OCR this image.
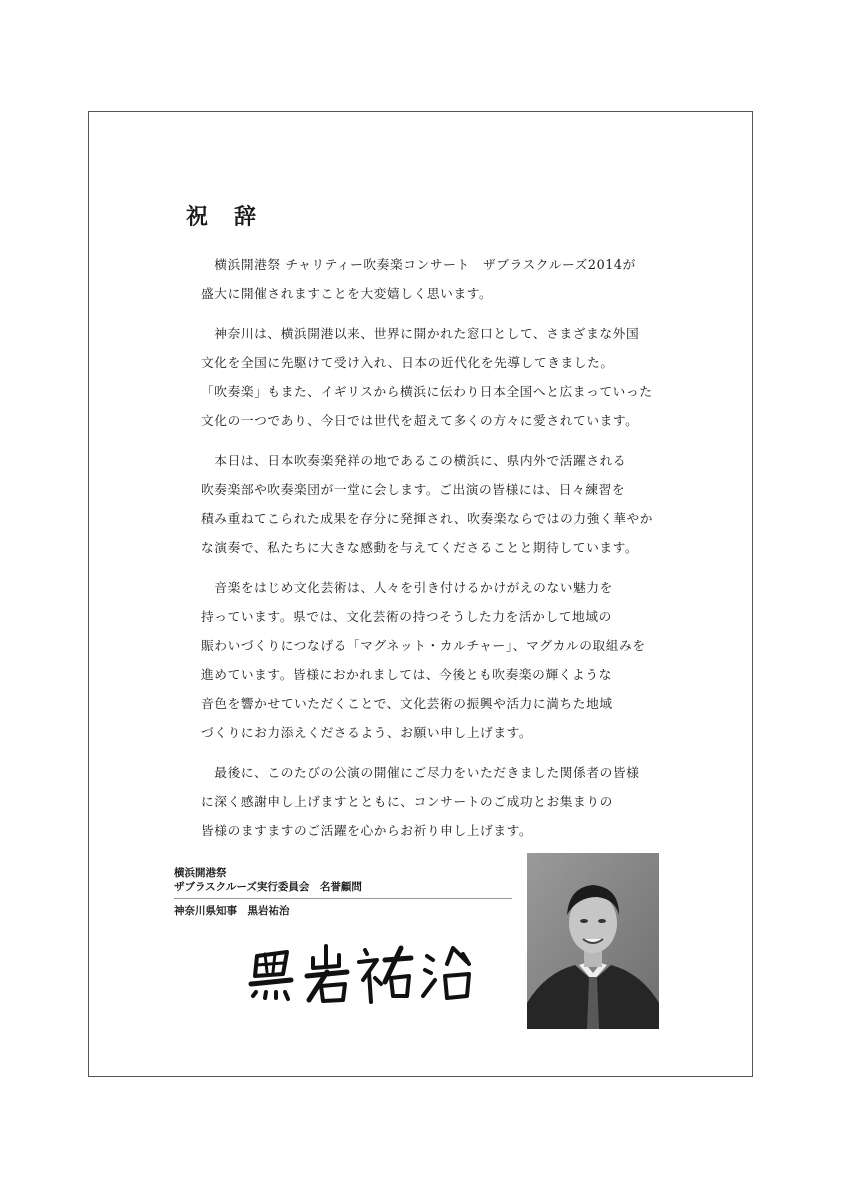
祝　辞

　横浜開港祭 チャリティー吹奏楽コンサート　ザブラスクルーズ2014が
盛大に開催されますことを大変嬉しく思います。

　神奈川は、横浜開港以来、世界に開かれた窓口として、さまざまな外国
文化を全国に先駆けて受け入れ、日本の近代化を先導してきました。
「吹奏楽」もまた、イギリスから横浜に伝わり日本全国へと広まっていった
文化の一つであり、今日では世代を超えて多くの方々に愛されています。

　本日は、日本吹奏楽発祥の地であるこの横浜に、県内外で活躍される
吹奏楽部や吹奏楽団が一堂に会します。ご出演の皆様には、日々練習を
積み重ねてこられた成果を存分に発揮され、吹奏楽ならではの力強く華やか
な演奏で、私たちに大きな感動を与えてくださることと期待しています。

　音楽をはじめ文化芸術は、人々を引き付けるかけがえのない魅力を
持っています。県では、文化芸術の持つそうした力を活かして地域の
賑わいづくりにつなげる「マグネット・カルチャー」、マグカルの取組みを
進めています。皆様におかれましては、今後とも吹奏楽の輝くような
音色を響かせていただくことで、文化芸術の振興や活力に満ちた地域
づくりにお力添えくださるよう、お願い申し上げます。

　最後に、このたびの公演の開催にご尽力をいただきました関係者の皆様
に深く感謝申し上げますとともに、コンサートのご成功とお集まりの
皆様のますますのご活躍を心からお祈り申し上げます。

横浜開港祭
ザブラスクルーズ実行委員会　名誉顧問
神奈川県知事　黒岩祐治
